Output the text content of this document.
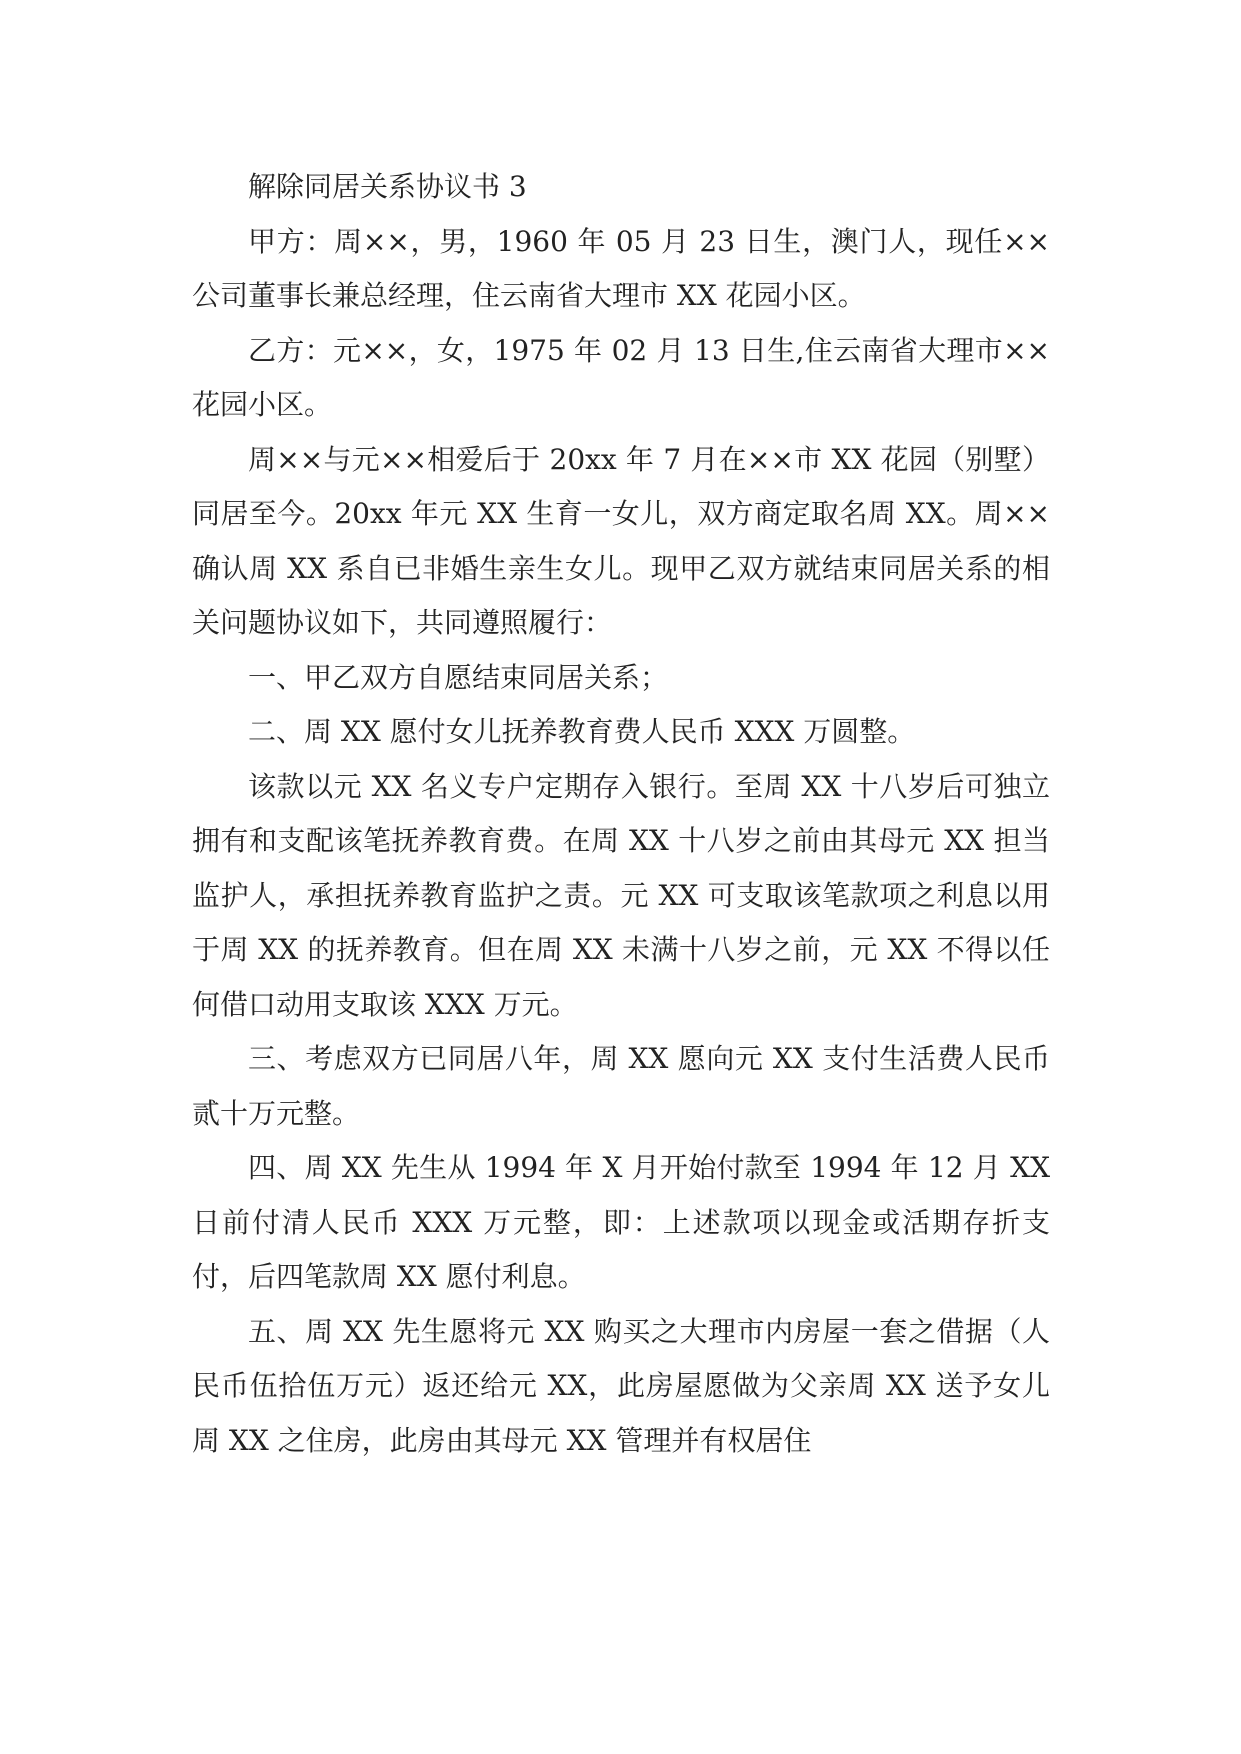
解除同居关系协议书 3

甲方：周××，男，1960 年 05 月 23 日生，澳门人，现任××公司董事长兼总经理，住云南省大理市 XX 花园小区。

乙方：元××，女，1975 年 02 月 13 日生,住云南省大理市××花园小区。

周××与元××相爱后于 20xx 年 7 月在××市 XX 花园（别墅）同居至今。20xx 年元 XX 生育一女儿，双方商定取名周 XX。周××确认周 XX 系自已非婚生亲生女儿。现甲乙双方就结束同居关系的相关问题协议如下，共同遵照履行：

一、甲乙双方自愿结束同居关系；

二、周 XX 愿付女儿抚养教育费人民币 XXX 万圆整。

该款以元 XX 名义专户定期存入银行。至周 XX 十八岁后可独立拥有和支配该笔抚养教育费。在周 XX 十八岁之前由其母元 XX 担当监护人，承担抚养教育监护之责。元 XX 可支取该笔款项之利息以用于周 XX 的抚养教育。但在周 XX 未满十八岁之前，元 XX 不得以任何借口动用支取该 XXX 万元。

三、考虑双方已同居八年，周 XX 愿向元 XX 支付生活费人民币贰十万元整。

四、周 XX 先生从 1994 年 X 月开始付款至 1994 年 12 月 XX 日前付清人民币 XXX 万元整，即：上述款项以现金或活期存折支付，后四笔款周 XX 愿付利息。

五、周 XX 先生愿将元 XX 购买之大理市内房屋一套之借据（人民币伍拾伍万元）返还给元 XX，此房屋愿做为父亲周 XX 送予女儿周 XX 之住房，此房由其母元 XX 管理并有权居住
